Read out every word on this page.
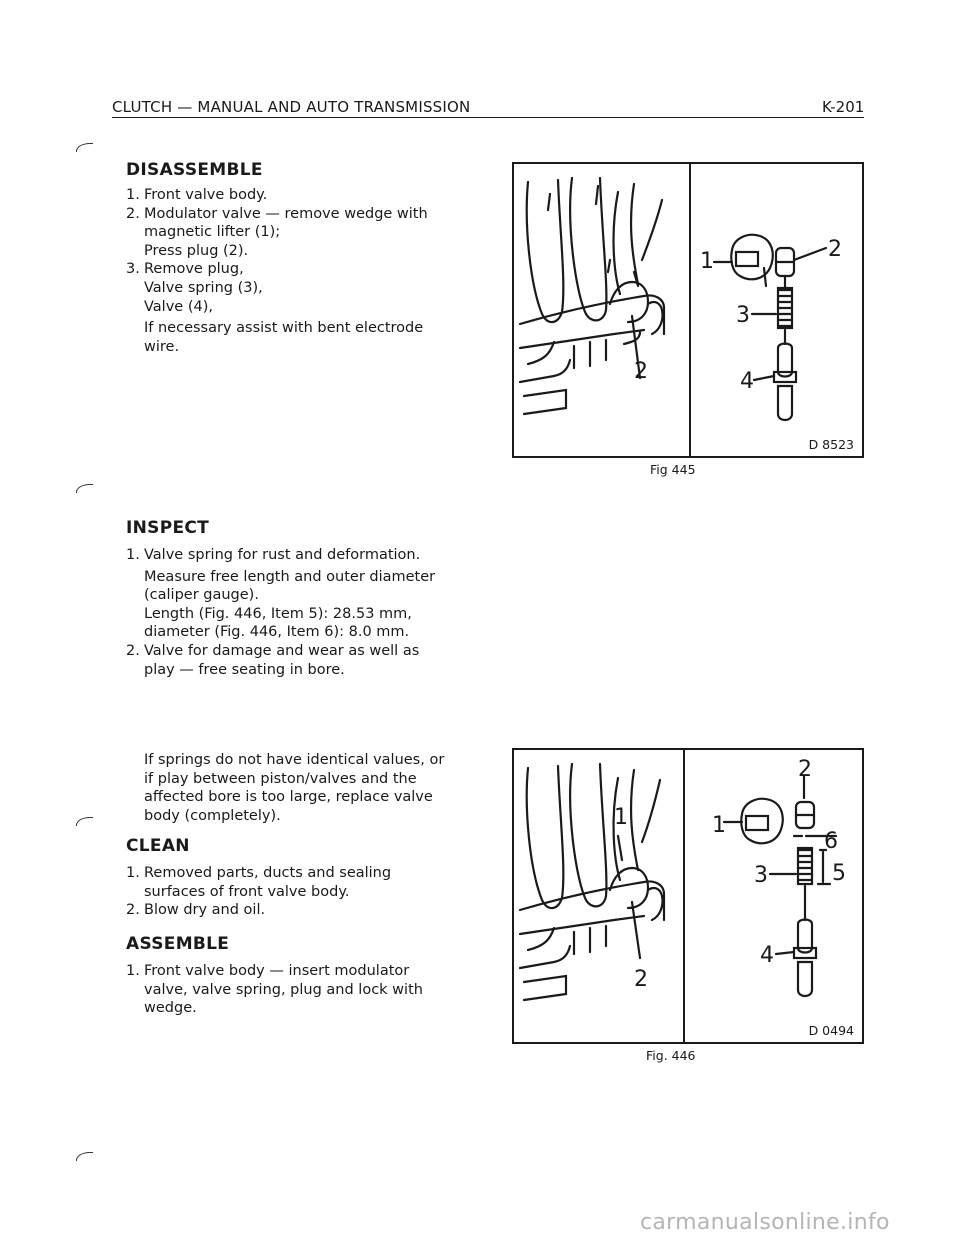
CLUTCH — MANUAL AND AUTO TRANSMISSION	K-201
DISASSEMBLE
1. Front valve body.
2. Modulator valve — remove wedge with
magnetic lifter (1);
Press plug (2).
3. Remove plug,
Valve spring (3),
Valve (4),
If necessary assist with bent electrode
wire.
INSPECT
1. Valve spring for rust and deformation.
Measure free length and outer diameter
(caliper gauge).
Length (Fig. 446, Item 5): 28.53 mm,
diameter (Fig. 446, Item 6): 8.0 mm.
2. Valve for damage and wear as well as
play — free seating in bore.
If springs do not have identical values, or
if play between piston/valves and the
affected bore is too large, replace valve
body (completely).
CLEAN
1. Removed parts, ducts and sealing
surfaces of front valve body.
2. Blow dry and oil.
ASSEMBLE
1. Front valve body — insert modulator
valve, valve spring, plug and lock with
wedge.
2
1	2
3
4
D 8523
Fig 445
1
2
2
1
6
5
3
4
D 0494
Fig. 446
carmanualsonline.info
